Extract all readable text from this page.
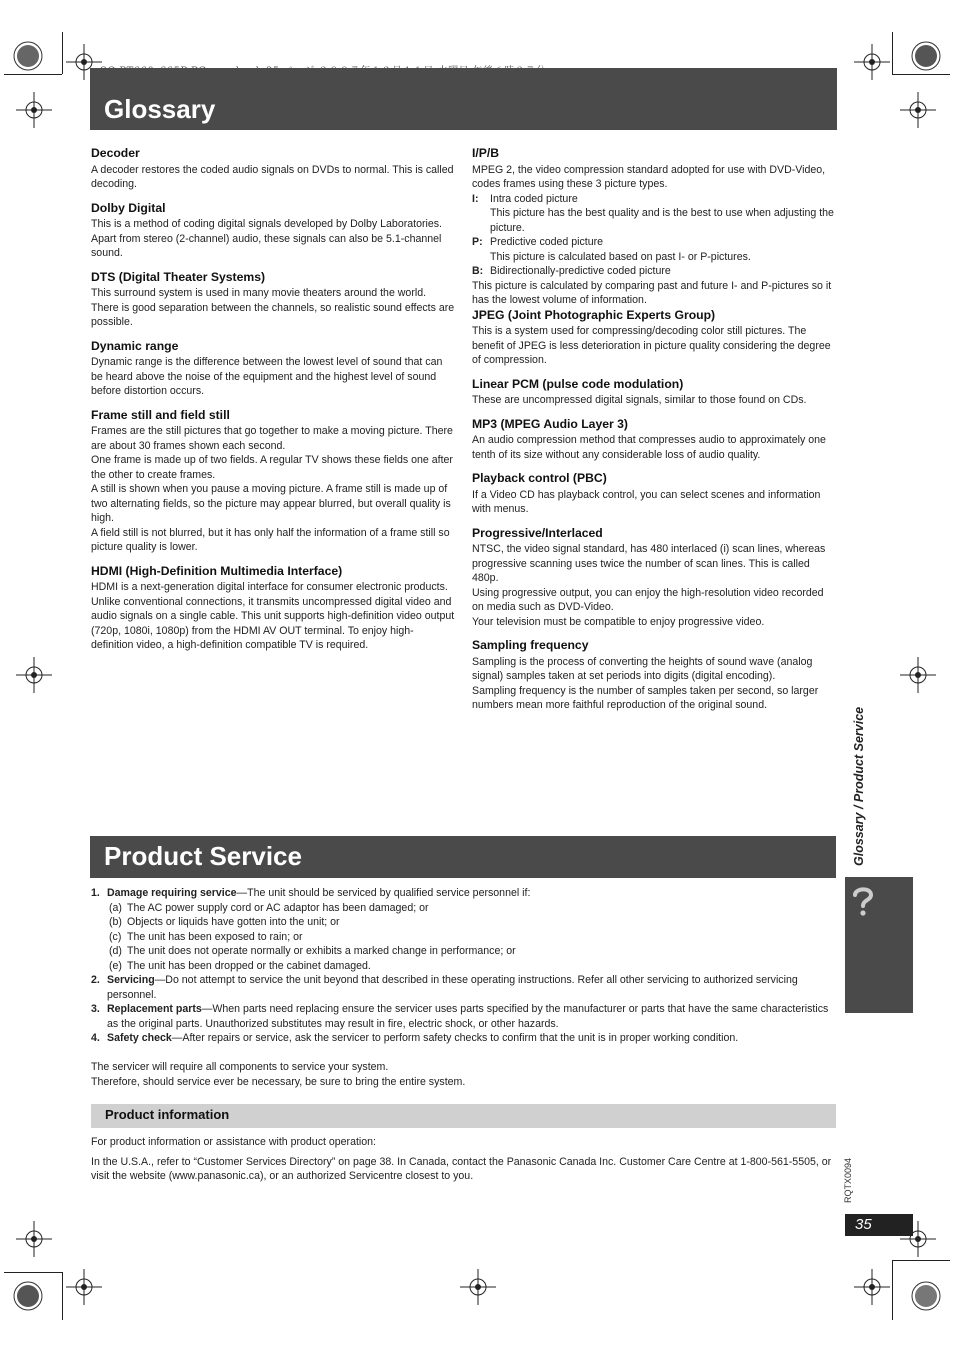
Glossary
Decoder

A decoder restores the coded audio signals on DVDs to normal. This is called decoding.

Dolby Digital

This is a method of coding digital signals developed by Dolby Laboratories. Apart from stereo (2-channel) audio, these signals can also be 5.1-channel sound.

DTS (Digital Theater Systems)

This surround system is used in many movie theaters around the world. There is good separation between the channels, so realistic sound effects are possible.

Dynamic range

Dynamic range is the difference between the lowest level of sound that can be heard above the noise of the equipment and the highest level of sound before distortion occurs.

Frame still and field still

Frames are the still pictures that go together to make a moving picture. There are about 30 frames shown each second.

One frame is made up of two fields. A regular TV shows these fields one after the other to create frames.

A still is shown when you pause a moving picture. A frame still is made up of two alternating fields, so the picture may appear blurred, but overall quality is high.

A field still is not blurred, but it has only half the information of a frame still so picture quality is lower.

HDMI (High-Definition Multimedia Interface)

HDMI is a next-generation digital interface for consumer electronic products. Unlike conventional connections, it transmits uncompressed digital video and audio signals on a single cable. This unit supports high-definition video output (720p, 1080i, 1080p) from the HDMI AV OUT terminal. To enjoy high-definition video, a high-definition compatible TV is required.

I/P/B

MPEG 2, the video compression standard adopted for use with DVD-Video, codes frames using these 3 picture types.

I:	Intra coded picture
This picture has the best quality and is the best to use when adjusting the picture.
P: Predictive coded picture
This picture is calculated based on past I- or P-pictures.
B: Bidirectionally-predictive coded picture

This picture is calculated by comparing past and future I- and P-pictures so it has the lowest volume of information.

JPEG (Joint Photographic Experts Group)

This is a system used for compressing/decoding color still pictures. The benefit of JPEG is less deterioration in picture quality considering the degree of compression.

Linear PCM (pulse code modulation)

These are uncompressed digital signals, similar to those found on CDs.

MP3 (MPEG Audio Layer 3)

An audio compression method that compresses audio to approximately one tenth of its size without any considerable loss of audio quality.

Playback control (PBC)

If a Video CD has playback control, you can select scenes and information with menus.

Progressive/Interlaced

NTSC, the video signal standard, has 480 interlaced (i) scan lines, whereas progressive scanning uses twice the number of scan lines. This is called 480p.

Using progressive output, you can enjoy the high-resolution video recorded on media such as DVD-Video.

Your television must be compatible to enjoy progressive video.

Sampling frequency

Sampling is the process of converting the heights of sound wave (analog signal) samples taken at set periods into digits (digital encoding).

Sampling frequency is the number of samples taken per second, so larger numbers mean more faithful reproduction of the original sound.

Glossary / Product Service
RQTX0094
35
Product Service
1. Damage requiring service—The unit should be serviced by qualified service personnel if:
(a) The AC power supply cord or AC adaptor has been damaged; or
(b) Objects or liquids have gotten into the unit; or
(c) The unit has been exposed to rain; or
(d) The unit does not operate normally or exhibits a marked change in performance; or
(e) The unit has been dropped or the cabinet damaged.
2. Servicing—Do not attempt to service the unit beyond that described in these operating instructions. Refer all other servicing to authorized servicing personnel.
3. Replacement parts—When parts need replacing ensure the servicer uses parts specified by the manufacturer or parts that have the same characteristics as the original parts. Unauthorized substitutes may result in fire, electric shock, or other hazards.
4. Safety check—After repairs or service, ask the servicer to perform safety checks to confirm that the unit is in proper working condition.
The servicer will require all components to service your system.
Therefore, should service ever be necessary, be sure to bring the entire system.
Product information

For product information or assistance with product operation:

In the U.S.A., refer to “Customer Services Directory” on page 38. In Canada, contact the Panasonic Canada Inc. Customer Care Centre at 1-800-561-5505, or visit the website (www.panasonic.ca), or an authorized Servicentre closest to you.
